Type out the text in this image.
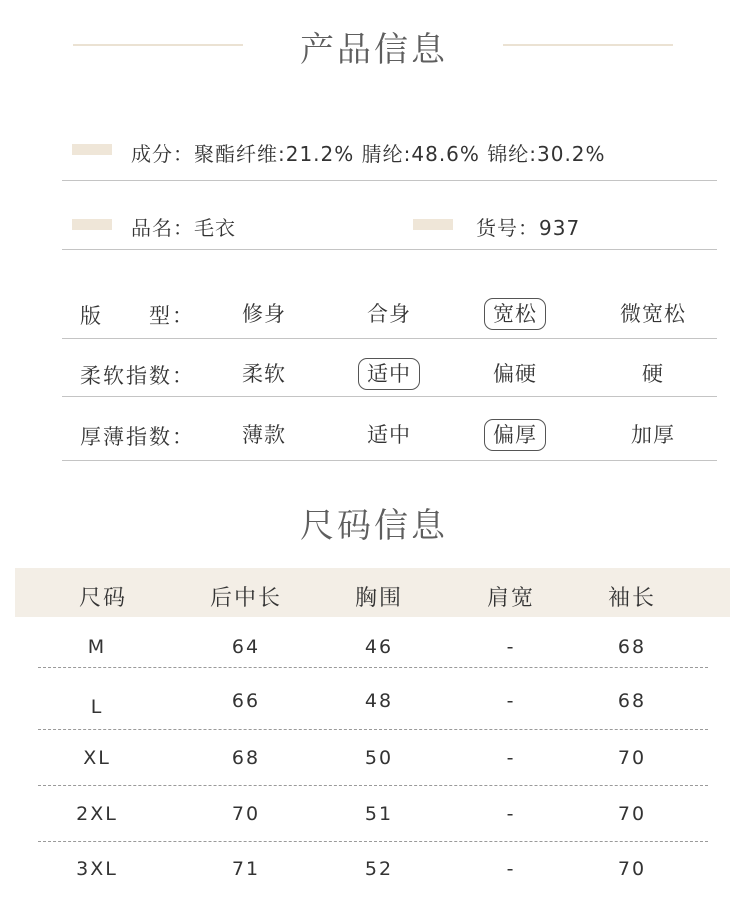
产品信息
成分：聚酯纤维:21.2% 腈纶:48.6% 锦纶:30.2%
品名：毛衣	货号：937
版　　型：	修身	合身	宽松	微宽松
柔软指数：	柔软	适中	偏硬	硬
厚薄指数：	薄款	适中	偏厚	加厚
尺码信息
尺码	后中长	胸围	肩宽	袖长
M	64	46	-	68
L	66	48	-	68
XL	68	50	-	70
2XL	70	51	-	70
3XL	71	52	-	70
